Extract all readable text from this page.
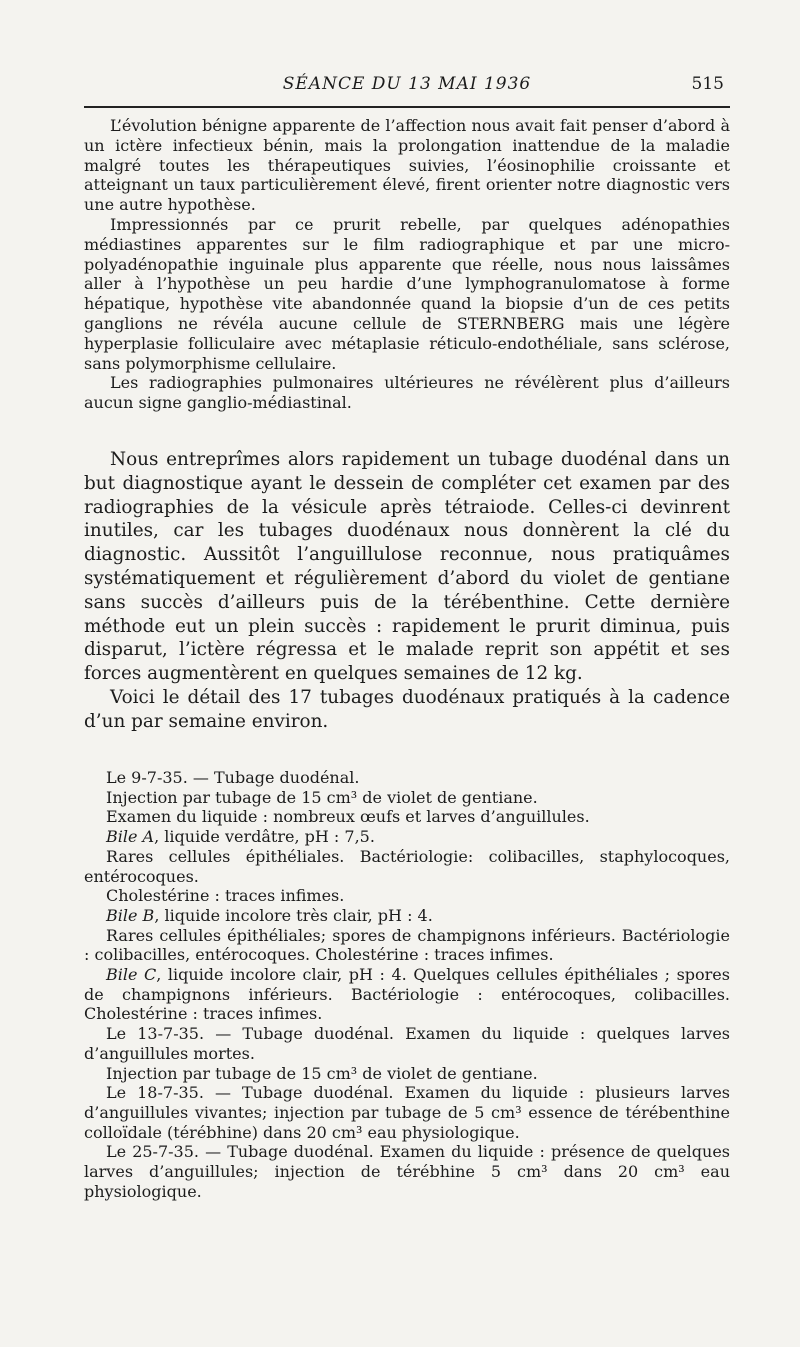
SÉANCE DU 13 MAI 1936	515

L’évolution bénigne apparente de l’affection nous avait fait penser d’abord à un ictère infectieux bénin, mais la prolongation inattendue de la maladie malgré toutes les thérapeutiques suivies, l’éosinophilie croissante et atteignant un taux particulièrement élevé, firent orienter notre diagnostic vers une autre hypothèse.

Impressionnés par ce prurit rebelle, par quelques adénopathies médiastines apparentes sur le film radiographique et par une micro-polyadénopathie inguinale plus apparente que réelle, nous nous laissâmes aller à l’hypothèse un peu hardie d’une lymphogranulomatose à forme hépatique, hypothèse vite abandonnée quand la biopsie d’un de ces petits ganglions ne révéla aucune cellule de STERNBERG mais une légère hyperplasie folliculaire avec métaplasie réticulo-endothéliale, sans sclérose, sans polymorphisme cellulaire.

Les radiographies pulmonaires ultérieures ne révélèrent plus d’ailleurs aucun signe ganglio-médiastinal.

Nous entreprîmes alors rapidement un tubage duodénal dans un but diagnostique ayant le dessein de compléter cet examen par des radiographies de la vésicule après tétraiode. Celles-ci devinrent inutiles, car les tubages duodénaux nous donnèrent la clé du diagnostic. Aussitôt l’anguillulose reconnue, nous pratiquâmes systématiquement et régulièrement d’abord du violet de gentiane sans succès d’ailleurs puis de la térébenthine. Cette dernière méthode eut un plein succès : rapidement le prurit diminua, puis disparut, l’ictère régressa et le malade reprit son appétit et ses forces augmentèrent en quelques semaines de 12 kg.

Voici le détail des 17 tubages duodénaux pratiqués à la cadence d’un par semaine environ.

Le 9-7-35. — Tubage duodénal.

Injection par tubage de 15 cm³ de violet de gentiane.

Examen du liquide : nombreux œufs et larves d’anguillules.

Bile A, liquide verdâtre, pH : 7,5.

Rares cellules épithéliales. Bactériologie: colibacilles, staphylocoques, entérocoques.

Cholestérine : traces infimes.

Bile B, liquide incolore très clair, pH : 4.

Rares cellules épithéliales; spores de champignons inférieurs. Bactériologie : colibacilles, entérocoques. Cholestérine : traces infimes.

Bile C, liquide incolore clair, pH : 4. Quelques cellules épithéliales ; spores de champignons inférieurs. Bactériologie : entérocoques, colibacilles. Cholestérine : traces infimes.

Le 13-7-35. — Tubage duodénal. Examen du liquide : quelques larves d’anguillules mortes.

Injection par tubage de 15 cm³ de violet de gentiane.

Le 18-7-35. — Tubage duodénal. Examen du liquide : plusieurs larves d’anguillules vivantes; injection par tubage de 5 cm³ essence de térébenthine colloïdale (térébhine) dans 20 cm³ eau physiologique.

Le 25-7-35. — Tubage duodénal. Examen du liquide : présence de quelques larves d’anguillules; injection de térébhine 5 cm³ dans 20 cm³ eau physiologique.
